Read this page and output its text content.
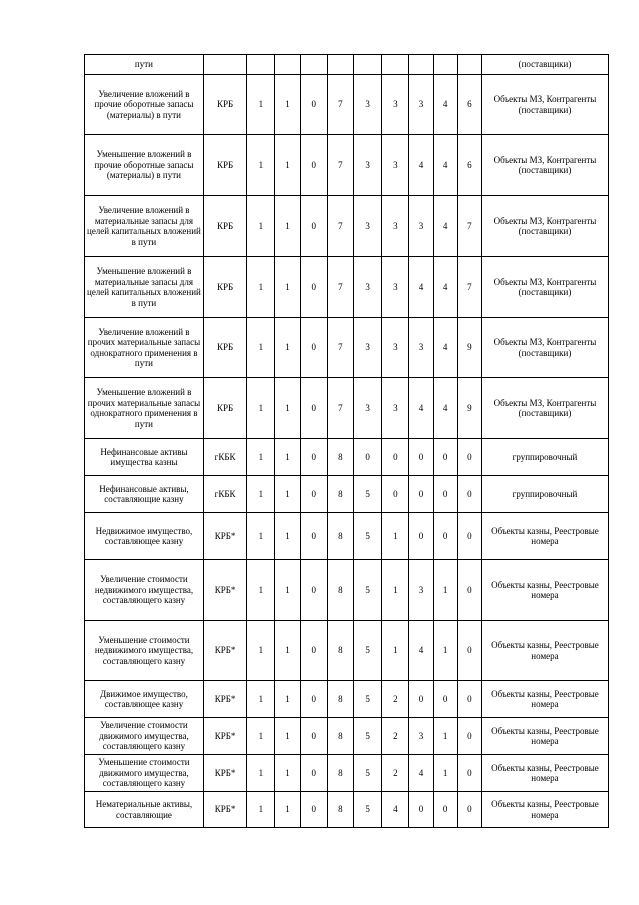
пути											(поставщики)
Увеличение вложений в прочие оборотные запасы (материалы) в пути	КРБ	1	1	0	7	3	3	3	4	6	Объекты МЗ, Контрагенты (поставщики)
Уменьшение вложений в прочие оборотные запасы (материалы) в пути	КРБ	1	1	0	7	3	3	4	4	6	Объекты МЗ, Контрагенты (поставщики)
Увеличение вложений в материальные запасы для целей капитальных вложений в пути	КРБ	1	1	0	7	3	3	3	4	7	Объекты МЗ, Контрагенты (поставщики)
Уменьшение вложений в материальные запасы для целей капитальных вложений в пути	КРБ	1	1	0	7	3	3	4	4	7	Объекты МЗ, Контрагенты (поставщики)
Увеличение вложений в прочих материальные запасы однократного применения в пути	КРБ	1	1	0	7	3	3	3	4	9	Объекты МЗ, Контрагенты (поставщики)
Уменьшение вложений в прочих материальные запасы однократного применения в пути	КРБ	1	1	0	7	3	3	4	4	9	Объекты МЗ, Контрагенты (поставщики)
Нефинансовые активы имущества казны	гКБК	1	1	0	8	0	0	0	0	0	группировочный
Нефинансовые активы, составляющие казну	гКБК	1	1	0	8	5	0	0	0	0	группировочный
Недвижимое имущество, составляющее казну	КРБ*	1	1	0	8	5	1	0	0	0	Объекты казны, Реестровые номера
Увеличение стоимости недвижимого имущества, составляющего казну	КРБ*	1	1	0	8	5	1	3	1	0	Объекты казны, Реестровые номера
Уменьшение стоимости недвижимого имущества, составляющего казну	КРБ*	1	1	0	8	5	1	4	1	0	Объекты казны, Реестровые номера
Движимое имущество, составляющее казну	КРБ*	1	1	0	8	5	2	0	0	0	Объекты казны, Реестровые номера
Увеличение стоимости движимого имущества, составляющего казну	КРБ*	1	1	0	8	5	2	3	1	0	Объекты казны, Реестровые номера
Уменьшение стоимости движимого имущества, составляющего казну	КРБ*	1	1	0	8	5	2	4	1	0	Объекты казны, Реестровые номера
Нематериальные активы, составляющие	КРБ*	1	1	0	8	5	4	0	0	0	Объекты казны, Реестровые номера
